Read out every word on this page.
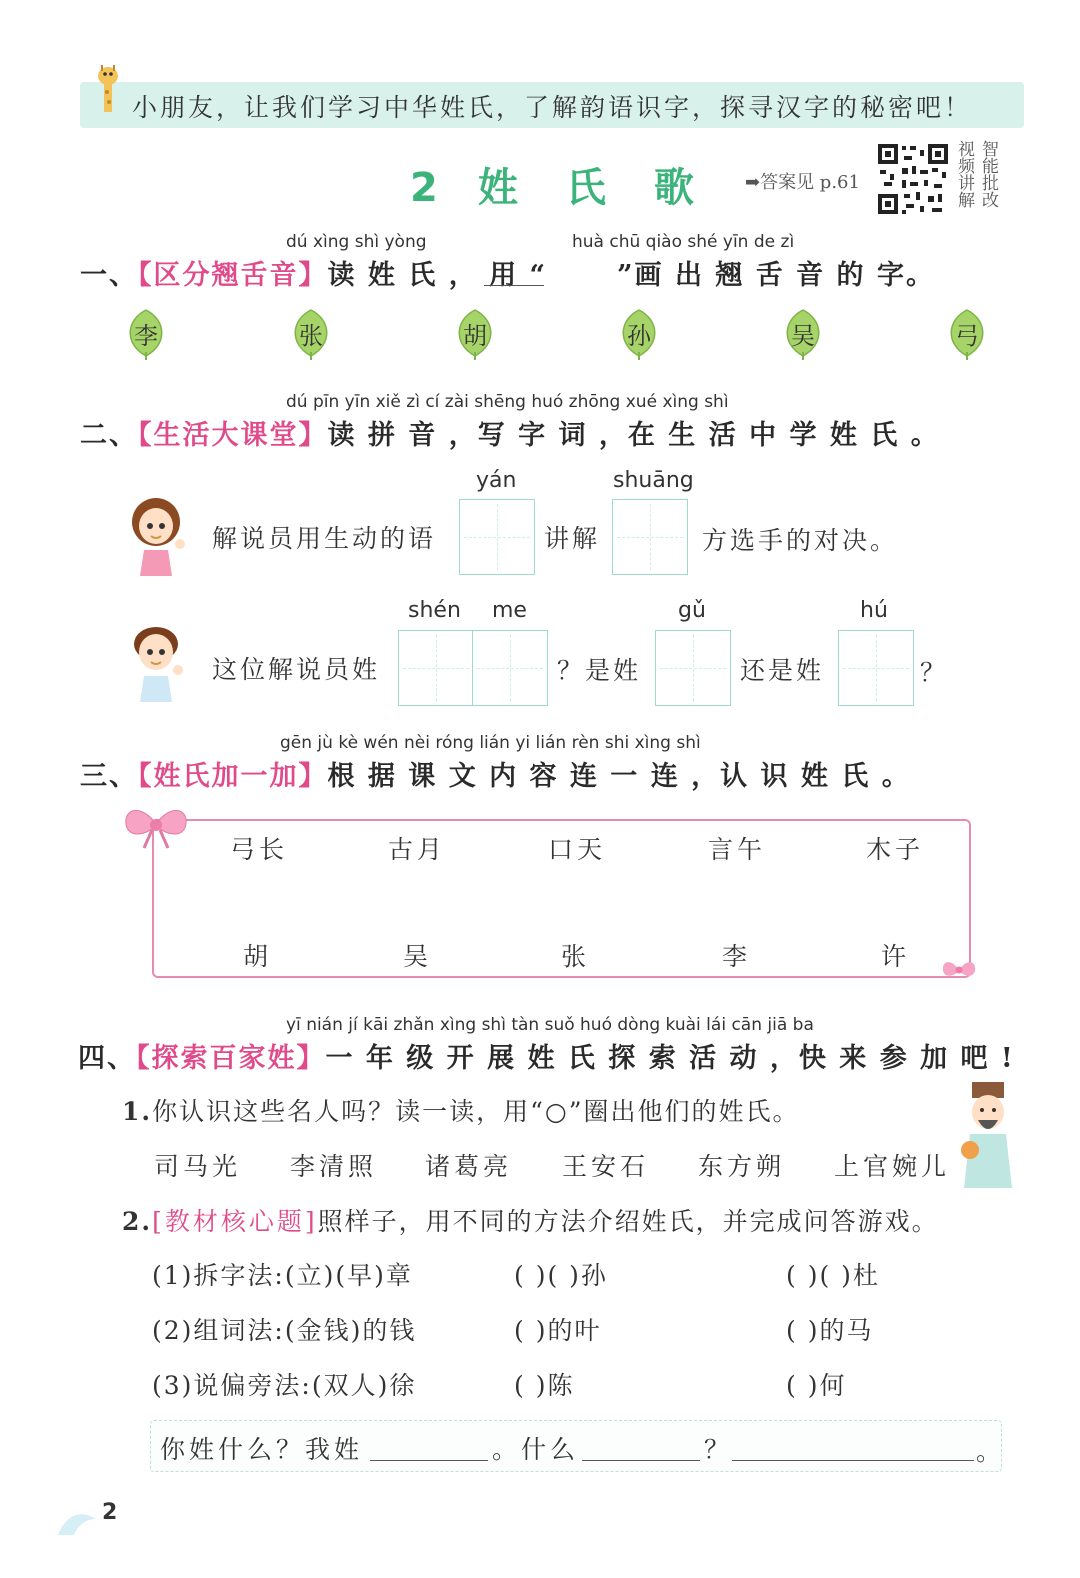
小朋友，让我们学习中华姓氏，了解韵语识字，探寻汉字的秘密吧！
2 姓 氏 歌	➡答案见 p.61	视频讲解 智能批改
dú xìng shì yòng	huà chū qiào shé yīn de zì
一、【区分翘舌音】读 姓 氏 ， 用 “	”画 出 翘 舌 音 的 字。
李	张	胡	孙	吴	弓
dú pīn yīn xiě zì cí zài shēng huó zhōng xué xìng shì
二、【生活大课堂】读 拼 音 ，写 字 词 ，在 生 活 中 学 姓 氏 。
解说员用生动的语
yán
讲解
shuāng
方选手的对决。
这位解说员姓
shén me
？是姓
gǔ
还是姓
hú
？
gēn jù kè wén nèi róng lián yi lián rèn shi xìng shì
三、【姓氏加一加】根 据 课 文 内 容 连 一 连 ，认 识 姓 氏 。
弓长	古月	口天	言午	木子
胡	吴	张	李	许
yī nián jí kāi zhǎn xìng shì tàn suǒ huó dòng kuài lái cān jiā ba
四、【探索百家姓】一 年 级 开 展 姓 氏 探 索 活 动 ，快 来 参 加 吧 !
1.你认识这些名人吗？读一读，用“○”圈出他们的姓氏。
司马光 李清照 诸葛亮 王安石 东方朔 上官婉儿
2.[教材核心题]照样子，用不同的方法介绍姓氏，并完成问答游戏。
(1)拆字法:(立)(早)章	( )( )孙	( )( )杜
(2)组词法:(金钱)的钱	( )的叶	( )的马
(3)说偏旁法:(双人)徐	( )陈	( )何
你姓什么？我姓	。什么	？	。
2
